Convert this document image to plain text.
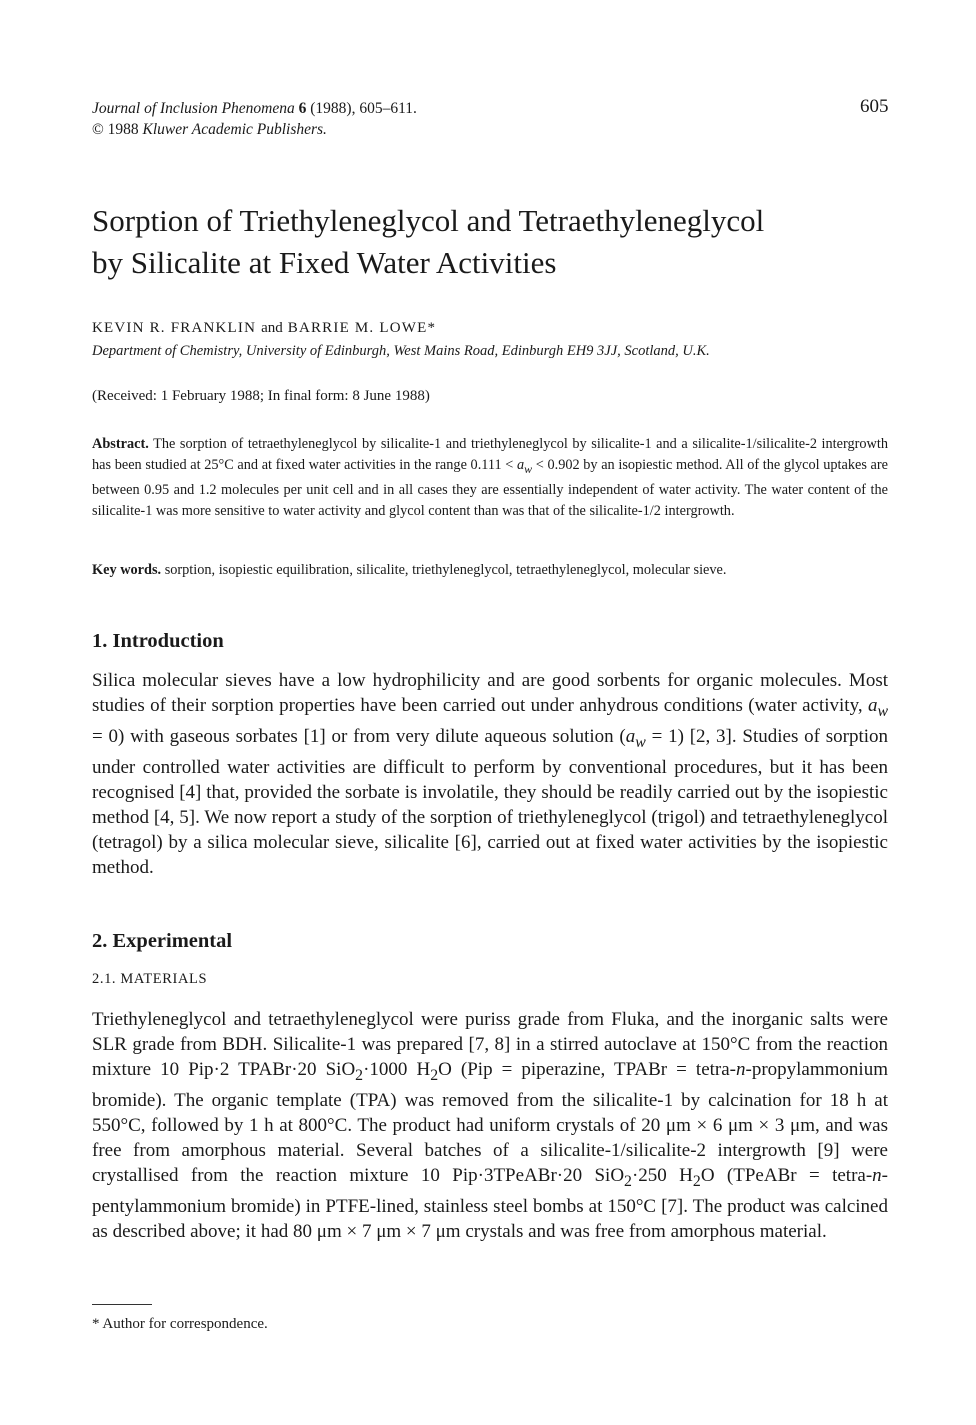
Journal of Inclusion Phenomena 6 (1988), 605–611.
© 1988 Kluwer Academic Publishers.
Sorption of Triethyleneglycol and Tetraethyleneglycol
by Silicalite at Fixed Water Activities
KEVIN R. FRANKLIN and BARRIE M. LOWE*
Department of Chemistry, University of Edinburgh, West Mains Road, Edinburgh EH9 3JJ, Scotland, U.K.
(Received: 1 February 1988; In final form: 8 June 1988)
Abstract. The sorption of tetraethyleneglycol by silicalite-1 and triethyleneglycol by silicalite-1 and a silicalite-1/silicalite-2 intergrowth has been studied at 25°C and at fixed water activities in the range $0.111 < a_w < 0.902$ by an isopiestic method. All of the glycol uptakes are between 0.95 and 1.2 molecules per unit cell and in all cases they are essentially independent of water activity. The water content of the silicalite-1 was more sensitive to water activity and glycol content than was that of the silicalite-1/2 intergrowth.
Key words. sorption, isopiestic equilibration, silicalite, triethyleneglycol, tetraethyleneglycol, molecular sieve.
1. Introduction
Silica molecular sieves have a low hydrophilicity and are good sorbents for organic molecules. Most studies of their sorption properties have been carried out under anhydrous conditions (water activity, $a_w = 0$) with gaseous sorbates [1] or from very dilute aqueous solution $(a_w = 1)$ [2, 3]. Studies of sorption under controlled water activities are difficult to perform by conventional procedures, but it has been recognised [4] that, provided the sorbate is involatile, they should be readily carried out by the isopiestic method [4, 5]. We now report a study of the sorption of triethyleneglycol (trigol) and tetraethyleneglycol (tetragol) by a silica molecular sieve, silicalite [6], carried out at fixed water activities by the isopiestic method.
2. Experimental
2.1. MATERIALS
Triethyleneglycol and tetraethyleneglycol were puriss grade from Fluka, and the inorganic salts were SLR grade from BDH. Silicalite-1 was prepared [7, 8] in a stirred autoclave at 150°C from the reaction mixture 10 Pip·2 TPABr·20 SiO$_2$·1000 $H_2O$ (Pip = piperazine, TPABr = tetra-n-propylammonium bromide). The organic template (TPA) was removed from the silicalite-1 by calcination for 18 h at 550°C, followed by 1 h at 800°C. The product had uniform crystals of 20 μm × 6 μm × 3 μm, and was free from amorphous material. Several batches of a silicalite-1/silicalite-2 intergrowth [9] were crystallised from the reaction mixture 10 Pip·3TPeABr·20 SiO$_2$·250 $H_2O$ (TPeABr = tetra-n-pentylammonium bromide) in PTFE-lined, stainless steel bombs at 150°C [7]. The product was calcined as described above; it had 80 μm × 7 μm × 7 μm crystals and was free from amorphous material.
* Author for correspondence.
605
